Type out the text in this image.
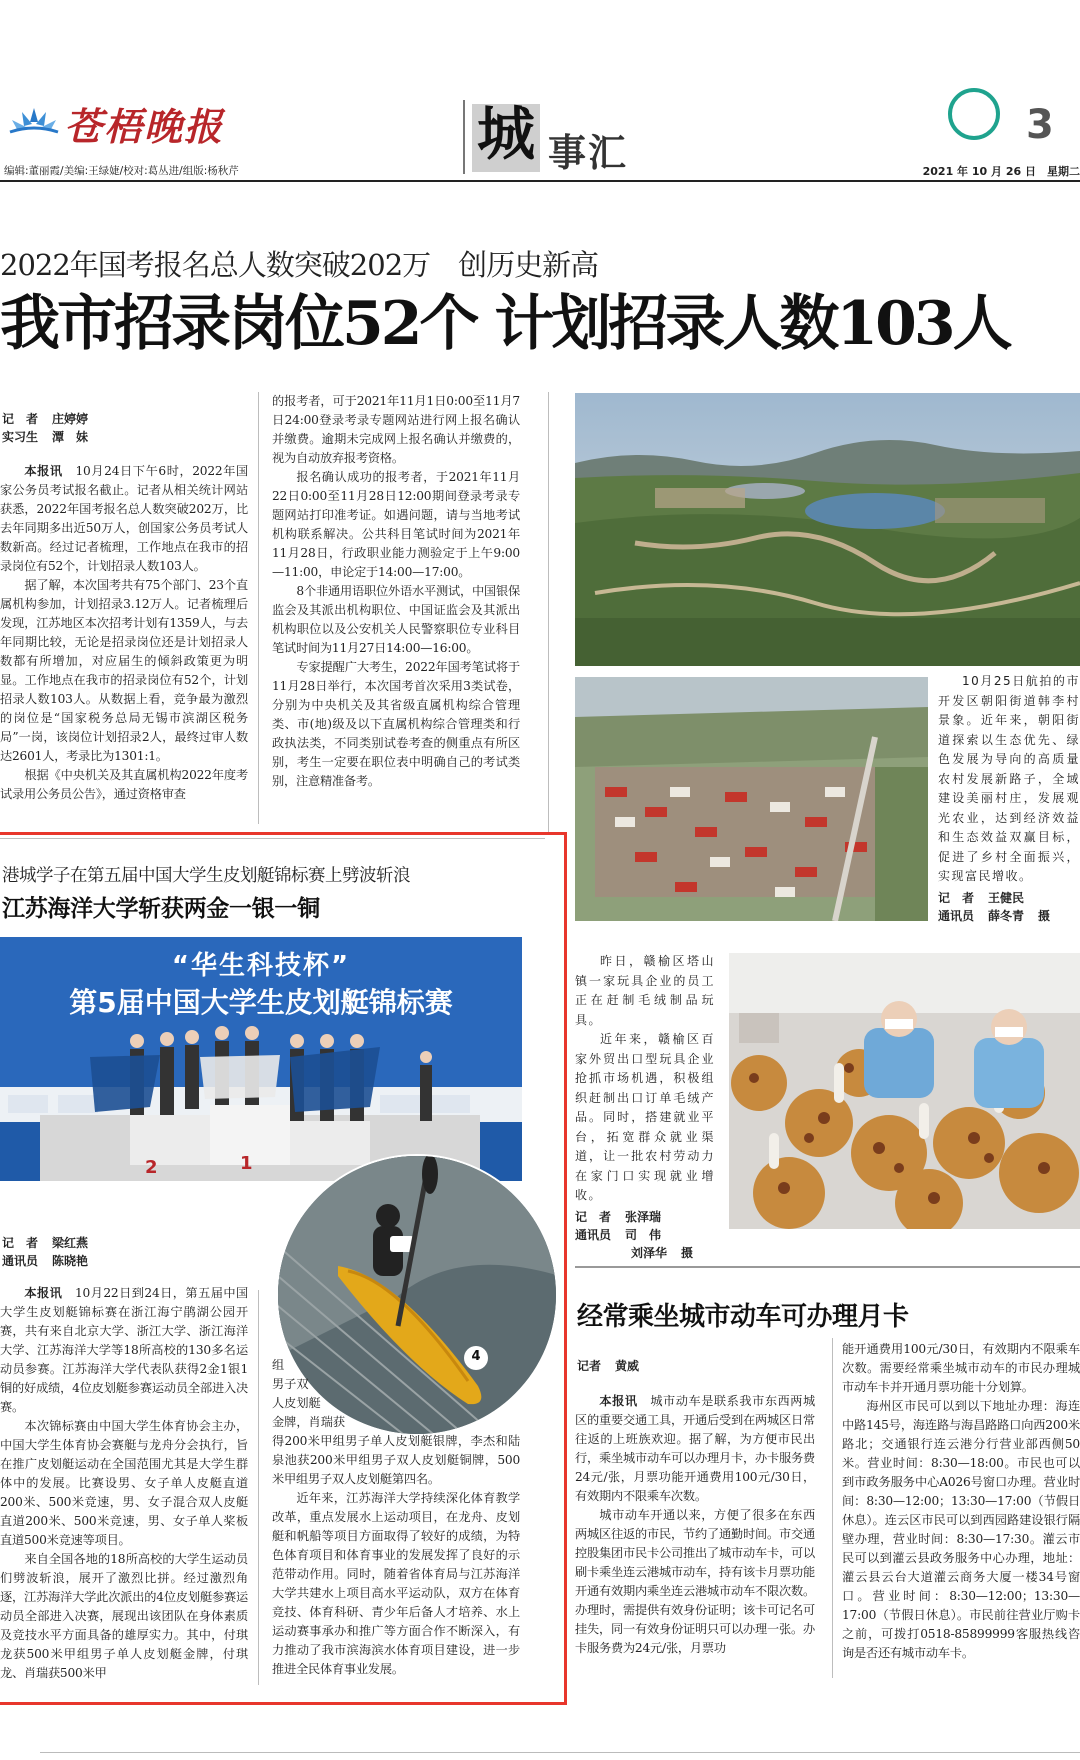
苍梧晚报
编辑:董丽霞/美编:王绿婕/校对:葛丛进/组版:杨秋芹
城 事汇
3
2021 年 10 月 26 日　星期二
2022年国考报名总人数突破202万　创历史新高
我市招录岗位52个 计划招录人数103人
记　者 庄婷婷
实习生 潭　妹

本报讯　 10月24日下午6时，2022年国家公务员考试报名截止。记者从相关统计网站获悉，2022年国考报名总人数突破202万，比去年同期多出近50万人，创国家公务员考试人数新高。经过记者梳理，工作地点在我市的招录岗位有52个，计划招录人数103人。

据了解，本次国考共有75个部门、23个直属机构参加，计划招录3.12万人。记者梳理后发现，江苏地区本次招考计划有1359人，与去年同期比较，无论是招录岗位还是计划招录人数都有所增加，对应届生的倾斜政策更为明显。工作地点在我市的招录岗位有52个，计划招录人数103人。从数据上看，竞争最为激烈的岗位是“国家税务总局无锡市滨湖区税务局”一岗，该岗位计划招录2人，最终过审人数达2601人，考录比为1301:1。

根据《中央机关及其直属机构2022年度考试录用公务员公告》，通过资格审查

的报考者，可于2021年11月1日0:00至11月7日24:00登录考录专题网站进行网上报名确认并缴费。逾期未完成网上报名确认并缴费的，视为自动放弃报考资格。

报名确认成功的报考者，于2021年11月22日0:00至11月28日12:00期间登录考录专题网站打印准考证。如遇问题，请与当地考试机构联系解决。公共科目笔试时间为2021年11月28日，行政职业能力测验定于上午9:00—11:00，申论定于14:00—17:00。

8个非通用语职位外语水平测试，中国银保监会及其派出机构职位、中国证监会及其派出机构职位以及公安机关人民警察职位专业科目笔试时间为11月27日14:00—16:00。

专家提醒广大考生，2022年国考笔试将于11月28日举行，本次国考首次采用3类试卷，分别为中央机关及其省级直属机构综合管理类、市(地)级及以下直属机构综合管理类和行政执法类，不同类别试卷考查的侧重点有所区别，考生一定要在职位表中明确自己的考试类别，注意精准备考。

10月25日航拍的市开发区朝阳街道韩李村景象。近年来，朝阳街道探索以生态优先、绿色发展为导向的高质量农村发展新路子，全域建设美丽村庄，发展观光农业，达到经济效益和生态效益双赢目标，促进了乡村全面振兴，实现富民增收。
记　者 王健民
通讯员 薛冬青 摄
昨日，赣榆区塔山镇一家玩具企业的员工正在赶制毛绒制品玩具。
近年来，赣榆区百家外贸出口型玩具企业抢抓市场机遇，积极组织赶制出口订单毛绒产品。同时，搭建就业平台，拓宽群众就业渠道，让一批农村劳动力在家门口实现就业增收。
记　者 张泽瑞
通讯员 司　伟
刘泽华 摄
经常乘坐城市动车可办理月卡
记者 黄威

本报讯　 城市动车是联系我市东西两城区的重要交通工具，开通后受到在两城区日常往返的上班族欢迎。据了解，为方便市民出行，乘坐城市动车可以办理月卡，办卡服务费24元/张，月票功能开通费用100元/30日，有效期内不限乘车次数。

城市动车开通以来，方便了很多在东西两城区往返的市民，节约了通勤时间。市交通控股集团市民卡公司推出了城市动车卡，可以刷卡乘坐连云港城市动车，持有该卡月票功能开通有效期内乘坐连云港城市动车不限次数。办理时，需提供有效身份证明；该卡可记名可挂失，同一有效身份证明只可以办理一张。办卡服务费为24元/张，月票功

能开通费用100元/30日，有效期内不限乘车次数。需要经常乘坐城市动车的市民办理城市动车卡并开通月票功能十分划算。

海州区市民可以到以下地址办理：海连中路145号，海连路与海昌路路口向西200米路北；交通银行连云港分行营业部西侧50米。营业时间：8:30—18:00。市民也可以到市政务服务中心A026号窗口办理。营业时间：8:30—12:00；13:30—17:00（节假日休息）。连云区市民可以到西园路建设银行隔壁办理，营业时间：8:30—17:30。灌云市民可以到灌云县政务服务中心办理，地址：灌云县云台大道灌云商务大厦一楼34号窗口。营业时间：8:30—12:00；13:30—17:00（节假日休息）。市民前往营业厅购卡之前，可拨打0518-85899999客服热线咨询是否还有城市动车卡。

港城学子在第五届中国大学生皮划艇锦标赛上劈波斩浪
江苏海洋大学斩获两金一银一铜
“华生科技杯”
第5届中国大学生皮划艇锦标赛
2	1
4
记　者 梁红燕
通讯员 陈晓艳

本报讯　 10月22日到24日，第五届中国大学生皮划艇锦标赛在浙江海宁鹃湖公园开赛，共有来自北京大学、浙江大学、浙江海洋大学、江苏海洋大学等18所高校的130多名运动员参赛。江苏海洋大学代表队获得2金1银1铜的好成绩，4位皮划艇参赛运动员全部进入决赛。

本次锦标赛由中国大学生体育协会主办，中国大学生体育协会赛艇与龙舟分会执行，旨在推广皮划艇运动在全国范围尤其是大学生群体中的发展。比赛设男、女子单人皮艇直道200米、500米竞速，男、女子混合双人皮艇直道200米、500米竞速，男、女子单人桨板直道500米竞速等项目。

来自全国各地的18所高校的大学生运动员们劈波斩浪，展开了激烈比拼。经过激烈角逐，江苏海洋大学此次派出的4位皮划艇参赛运动员全部进入决赛，展现出该团队在身体素质及竞技水平方面具备的雄厚实力。其中，付琪龙获500米甲组男子单人皮划艇金牌，付琪龙、肖瑞获500米甲

组
男子双
人皮划艇
金牌，肖瑞获

得200米甲组男子单人皮划艇银牌，李杰和陆泉池获200米甲组男子双人皮划艇铜牌，500米甲组男子双人皮划艇第四名。

近年来，江苏海洋大学持续深化体育教学改革，重点发展水上运动项目，在龙舟、皮划艇和帆船等项目方面取得了较好的成绩，为特色体育项目和体育事业的发展发挥了良好的示范带动作用。同时，随着省体育局与江苏海洋大学共建水上项目高水平运动队，双方在体育竞技、体育科研、青少年后备人才培养、水上运动赛事承办和推广等方面合作不断深入，有力推动了我市滨海滨水体育项目建设，进一步推进全民体育事业发展。
